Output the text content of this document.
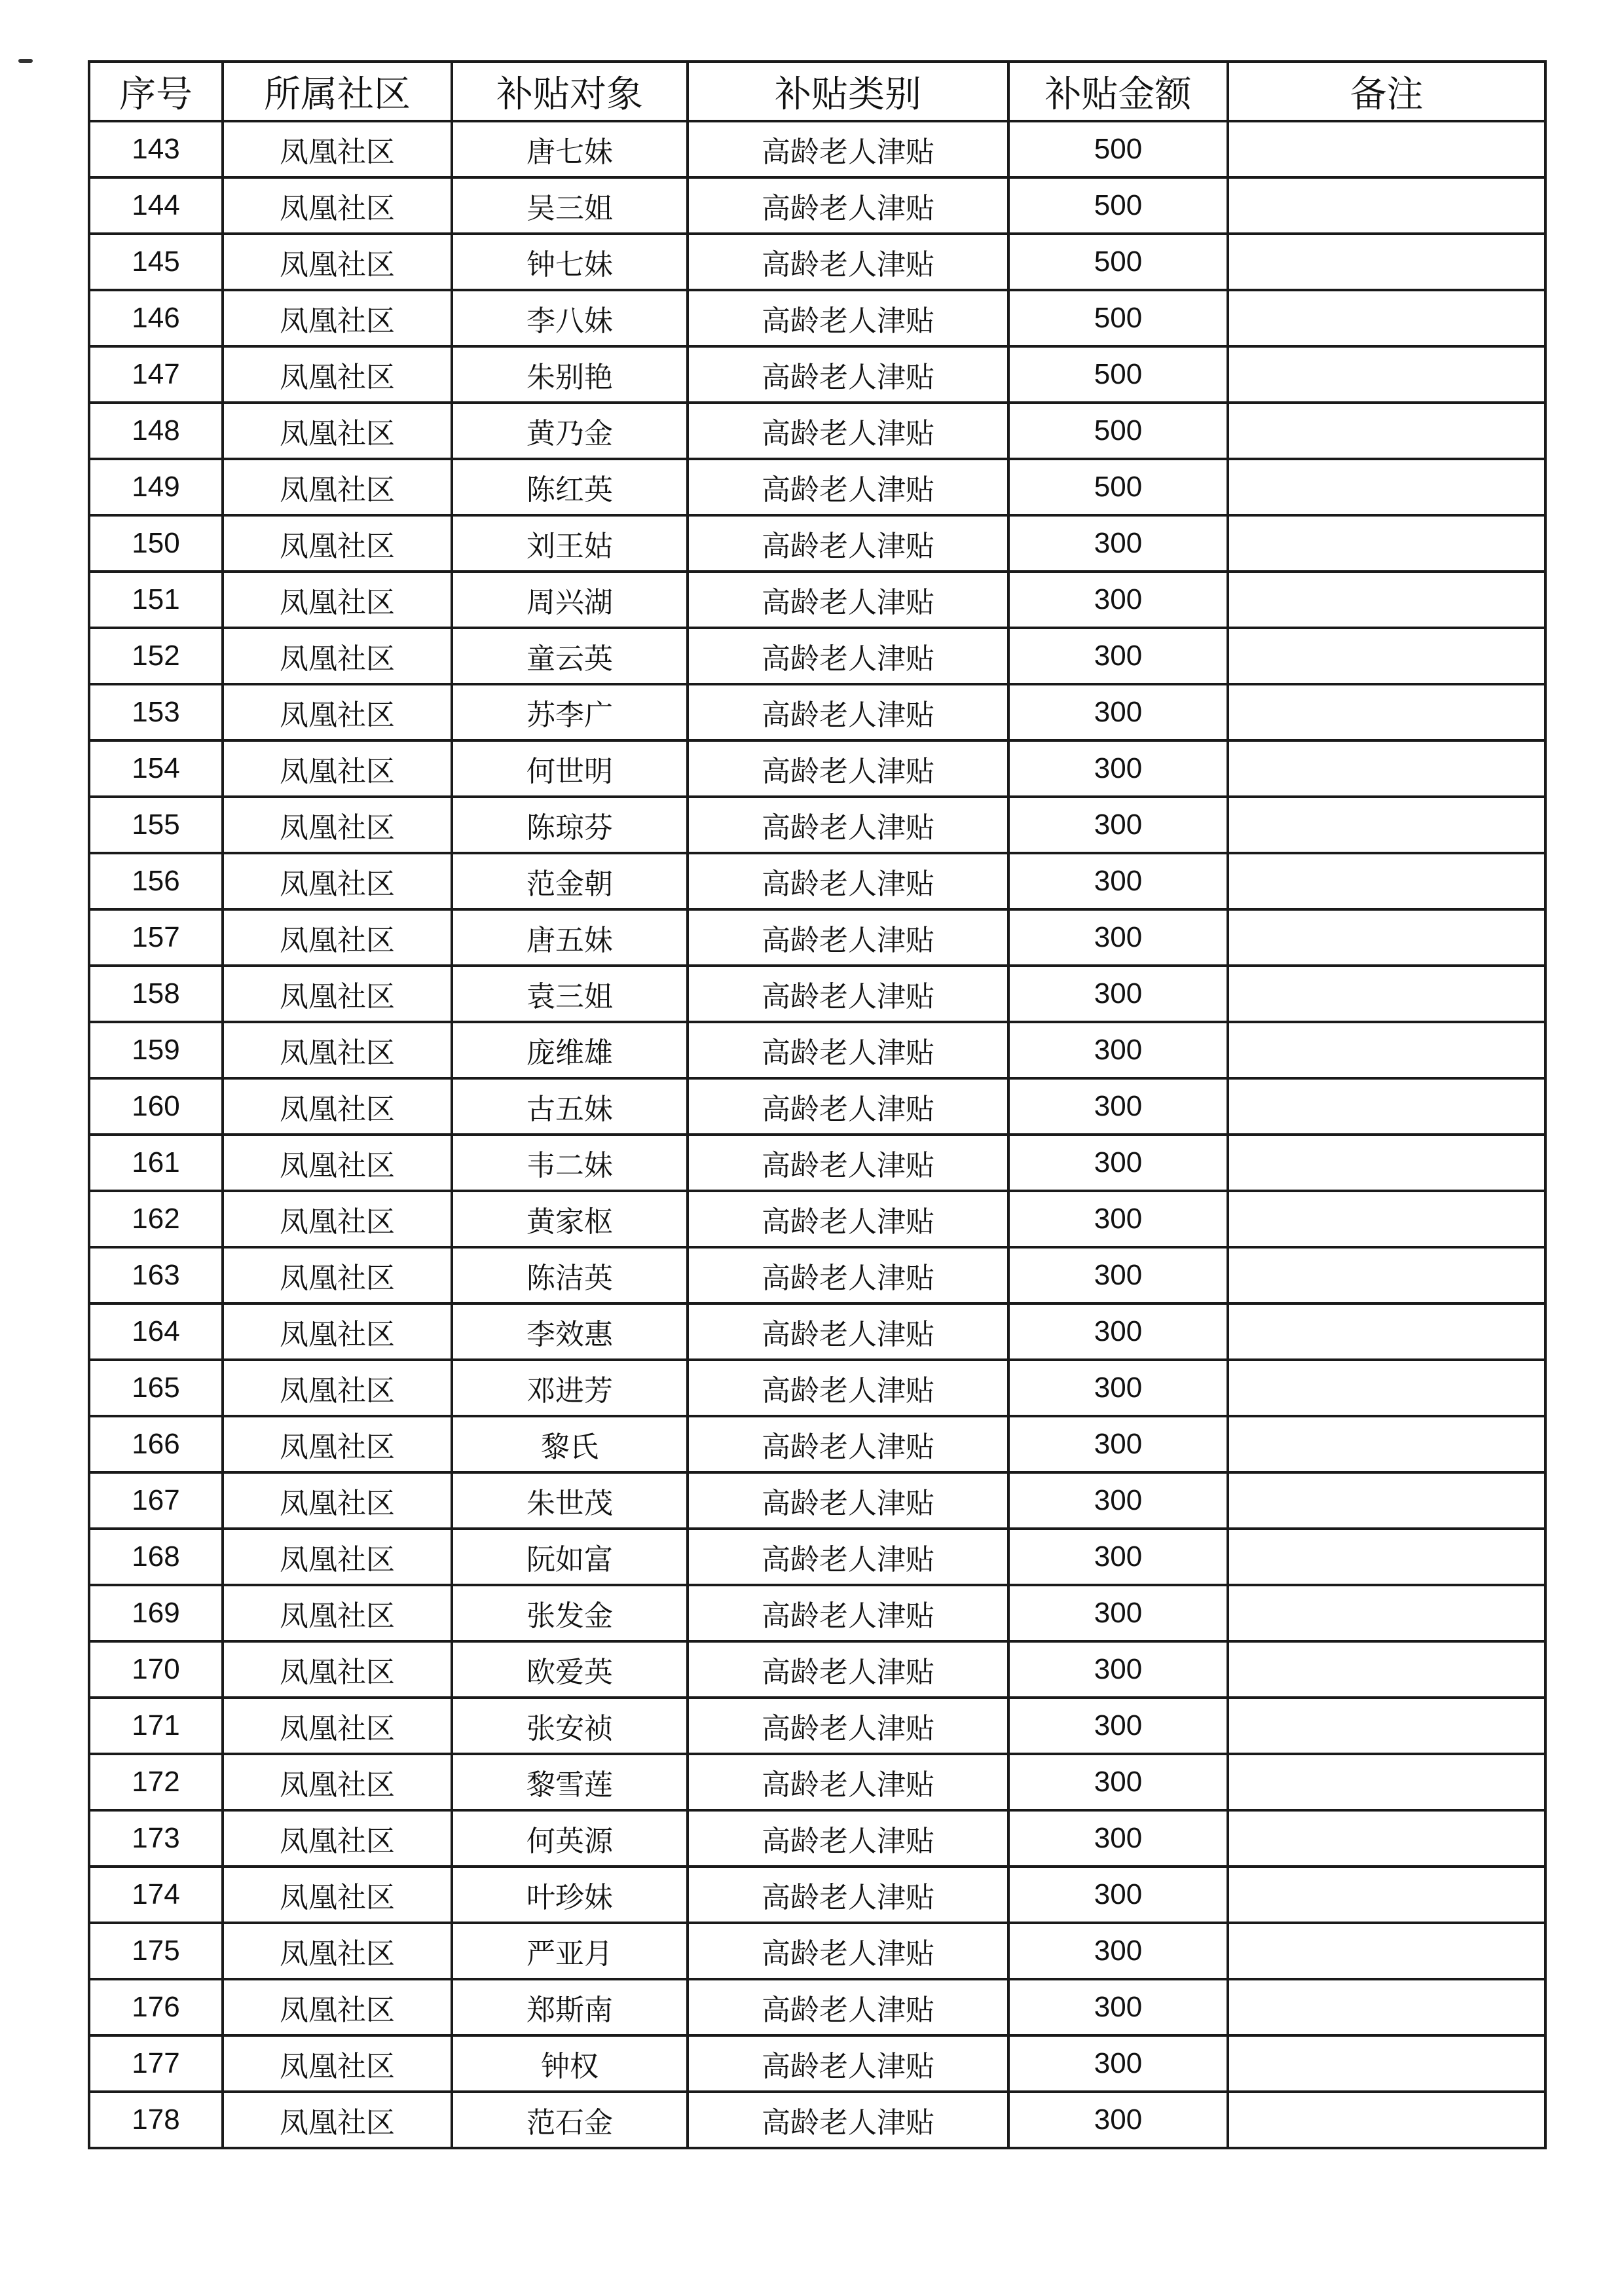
序号	所属社区	补贴对象	补贴类别	补贴金额	备注
143	凤凰社区	唐七妹	高龄老人津贴	500	
144	凤凰社区	吴三姐	高龄老人津贴	500	
145	凤凰社区	钟七妹	高龄老人津贴	500	
146	凤凰社区	李八妹	高龄老人津贴	500	
147	凤凰社区	朱别艳	高龄老人津贴	500	
148	凤凰社区	黄乃金	高龄老人津贴	500	
149	凤凰社区	陈红英	高龄老人津贴	500	
150	凤凰社区	刘王姑	高龄老人津贴	300	
151	凤凰社区	周兴湖	高龄老人津贴	300	
152	凤凰社区	童云英	高龄老人津贴	300	
153	凤凰社区	苏李广	高龄老人津贴	300	
154	凤凰社区	何世明	高龄老人津贴	300	
155	凤凰社区	陈琼芬	高龄老人津贴	300	
156	凤凰社区	范金朝	高龄老人津贴	300	
157	凤凰社区	唐五妹	高龄老人津贴	300	
158	凤凰社区	袁三姐	高龄老人津贴	300	
159	凤凰社区	庞维雄	高龄老人津贴	300	
160	凤凰社区	古五妹	高龄老人津贴	300	
161	凤凰社区	韦二妹	高龄老人津贴	300	
162	凤凰社区	黄家枢	高龄老人津贴	300	
163	凤凰社区	陈洁英	高龄老人津贴	300	
164	凤凰社区	李效惠	高龄老人津贴	300	
165	凤凰社区	邓进芳	高龄老人津贴	300	
166	凤凰社区	黎氏	高龄老人津贴	300	
167	凤凰社区	朱世茂	高龄老人津贴	300	
168	凤凰社区	阮如富	高龄老人津贴	300	
169	凤凰社区	张发金	高龄老人津贴	300	
170	凤凰社区	欧爱英	高龄老人津贴	300	
171	凤凰社区	张安祯	高龄老人津贴	300	
172	凤凰社区	黎雪莲	高龄老人津贴	300	
173	凤凰社区	何英源	高龄老人津贴	300	
174	凤凰社区	叶珍妹	高龄老人津贴	300	
175	凤凰社区	严亚月	高龄老人津贴	300	
176	凤凰社区	郑斯南	高龄老人津贴	300	
177	凤凰社区	钟权	高龄老人津贴	300	
178	凤凰社区	范石金	高龄老人津贴	300	
